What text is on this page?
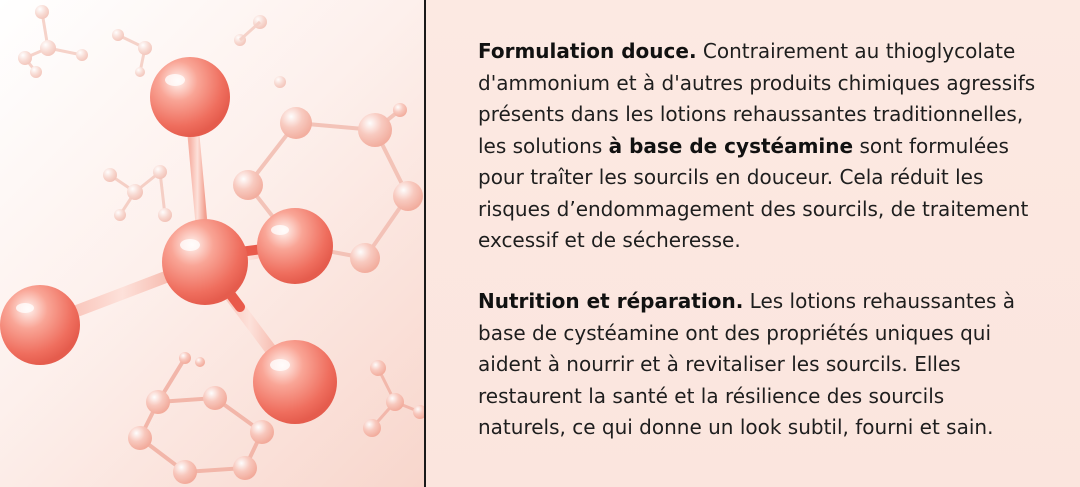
Formulation douce. Contrairement au thioglycolate d'ammonium et à d'autres produits chimiques agressifs présents dans les lotions rehaussantes traditionnelles, les solutions à base de cystéamine sont formulées pour traîter les sourcils en douceur. Cela réduit les risques d’endommagement des sourcils, de traitement excessif et de sécheresse.

Nutrition et réparation. Les lotions rehaussantes à base de cystéamine ont des propriétés uniques qui aident à nourrir et à revitaliser les sourcils. Elles restaurent la santé et la résilience des sourcils naturels, ce qui donne un look subtil, fourni et sain.
